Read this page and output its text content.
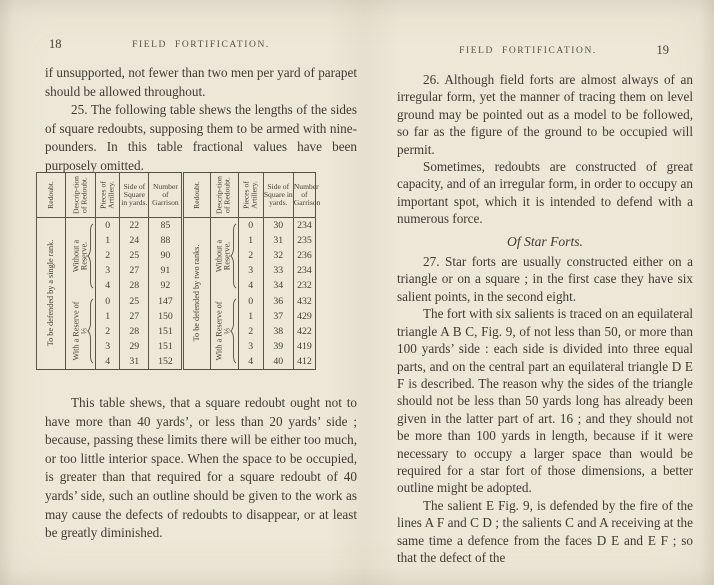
18	FIELD FORTIFICATION.

if unsupported, not fewer than two men per yard of parapet should be allowed throughout.

25. The following table shews the lengths of the sides of square redoubts, supposing them to be armed with nine-pounders. In this table fractional values have been purposely omitted.

Redoubt.	Descrip-tion of Redoubt.	Pieces of Artillery.	Side of Square in yards.	Number of Garrison	Redoubt.	Descrip-tion of Redoubt.	Pieces of Artillery.	Side of Square in yards.	Number of Garrison

To be defended by a single rank.	Without a Reserve.	0	22	85	To be defended by two ranks.	Without a Reserve.	0	30	234
		1	24	88			1	31	235
		2	25	90			2	32	236
		3	27	91			3	33	234
		4	28	92			4	34	232

	With a Reserve of ⅓	0	25	147		With a Reserve of ⅓	0	36	432
		1	27	150			1	37	429
		2	28	151			2	38	422
		3	29	151			3	39	419
		4	31	152			4	40	412

This table shews, that a square redoubt ought not to have more than 40 yards’, or less than 20 yards’ side ; because, passing these limits there will be either too much, or too little interior space. When the space to be occupied, is greater than that required for a square redoubt of 40 yards’ side, such an outline should be given to the work as may cause the defects of redoubts to disappear, or at least be greatly diminished.

FIELD FORTIFICATION.	19

26. Although field forts are almost always of an irregular form, yet the manner of tracing them on level ground may be pointed out as a model to be followed, so far as the figure of the ground to be occupied will permit.

Sometimes, redoubts are constructed of great capacity, and of an irregular form, in order to occupy an important spot, which it is intended to defend with a numerous force.

Of Star Forts.

27. Star forts are usually constructed either on a triangle or on a square ; in the first case they have six salient points, in the second eight.

The fort with six salients is traced on an equilateral triangle A B C, Fig. 9, of not less than 50, or more than 100 yards’ side : each side is divided into three equal parts, and on the central part an equilateral triangle D E F is described. The reason why the sides of the triangle should not be less than 50 yards long has already been given in the latter part of art. 16 ; and they should not be more than 100 yards in length, because if it were necessary to occupy a larger space than would be required for a star fort of those dimensions, a better outline might be adopted.

The salient E Fig. 9, is defended by the fire of the lines A F and C D ; the salients C and A receiving at the same time a defence from the faces D E and E F ; so that the defect of the
